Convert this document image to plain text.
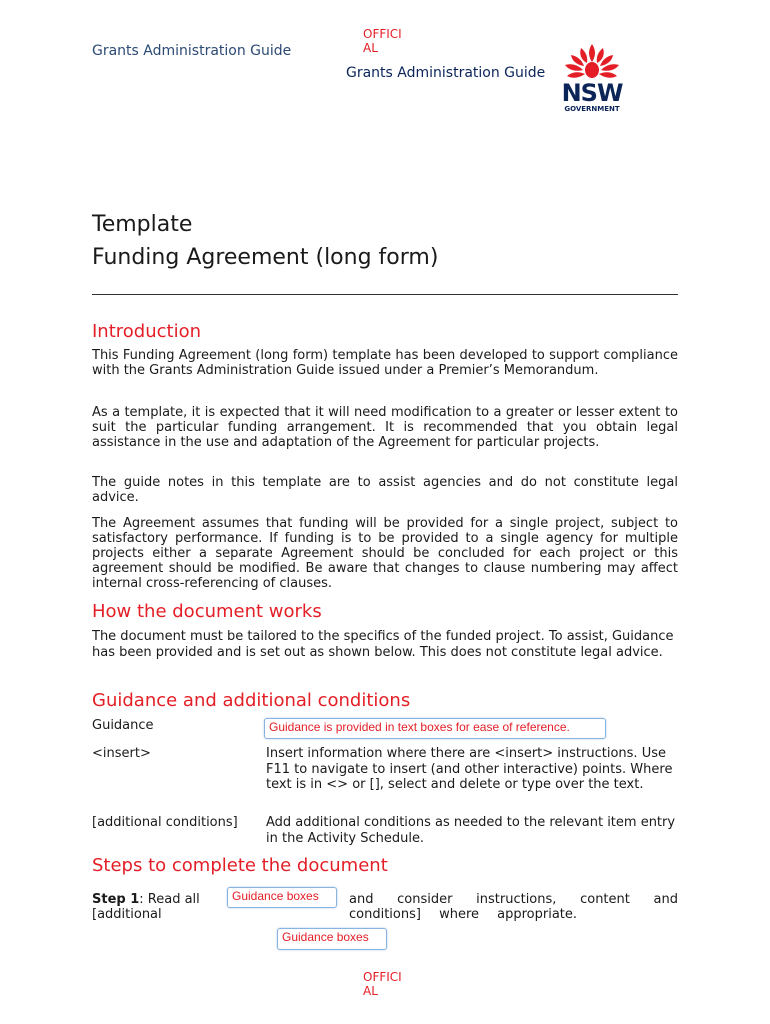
OFFICI
AL
Grants Administration Guide
Grants Administration Guide
NSW
GOVERNMENT
Template
Funding Agreement (long form)
Introduction
This Funding Agreement (long form) template has been developed to support compliance with the Grants Administration Guide issued under a Premier’s Memorandum.
As a template, it is expected that it will need modification to a greater or lesser extent to suit the particular funding arrangement. It is recommended that you obtain legal assistance in the use and adaptation of the Agreement for particular projects.
The guide notes in this template are to assist agencies and do not constitute legal advice.
The Agreement assumes that funding will be provided for a single project, subject to satisfactory performance. If funding is to be provided to a single agency for multiple projects either a separate Agreement should be concluded for each project or this agreement should be modified. Be aware that changes to clause numbering may affect internal cross-referencing of clauses.
How the document works
The document must be tailored to the specifics of the funded project. To assist, Guidance has been provided and is set out as shown below. This does not constitute legal advice.
Guidance and additional conditions
Guidance	Guidance is provided in text boxes for ease of reference.
<insert>	Insert information where there are <insert> instructions. Use F11 to navigate to insert (and other interactive) points. Where text is in <> or [], select and delete or type over the text.
[additional conditions] Add additional conditions as needed to the relevant item entry in the Activity Schedule.
Steps to complete the document
Step 1: Read all
[additional
Guidance boxes	and consider instructions, content and conditions] where appropriate.
Guidance boxes
OFFICI
AL
